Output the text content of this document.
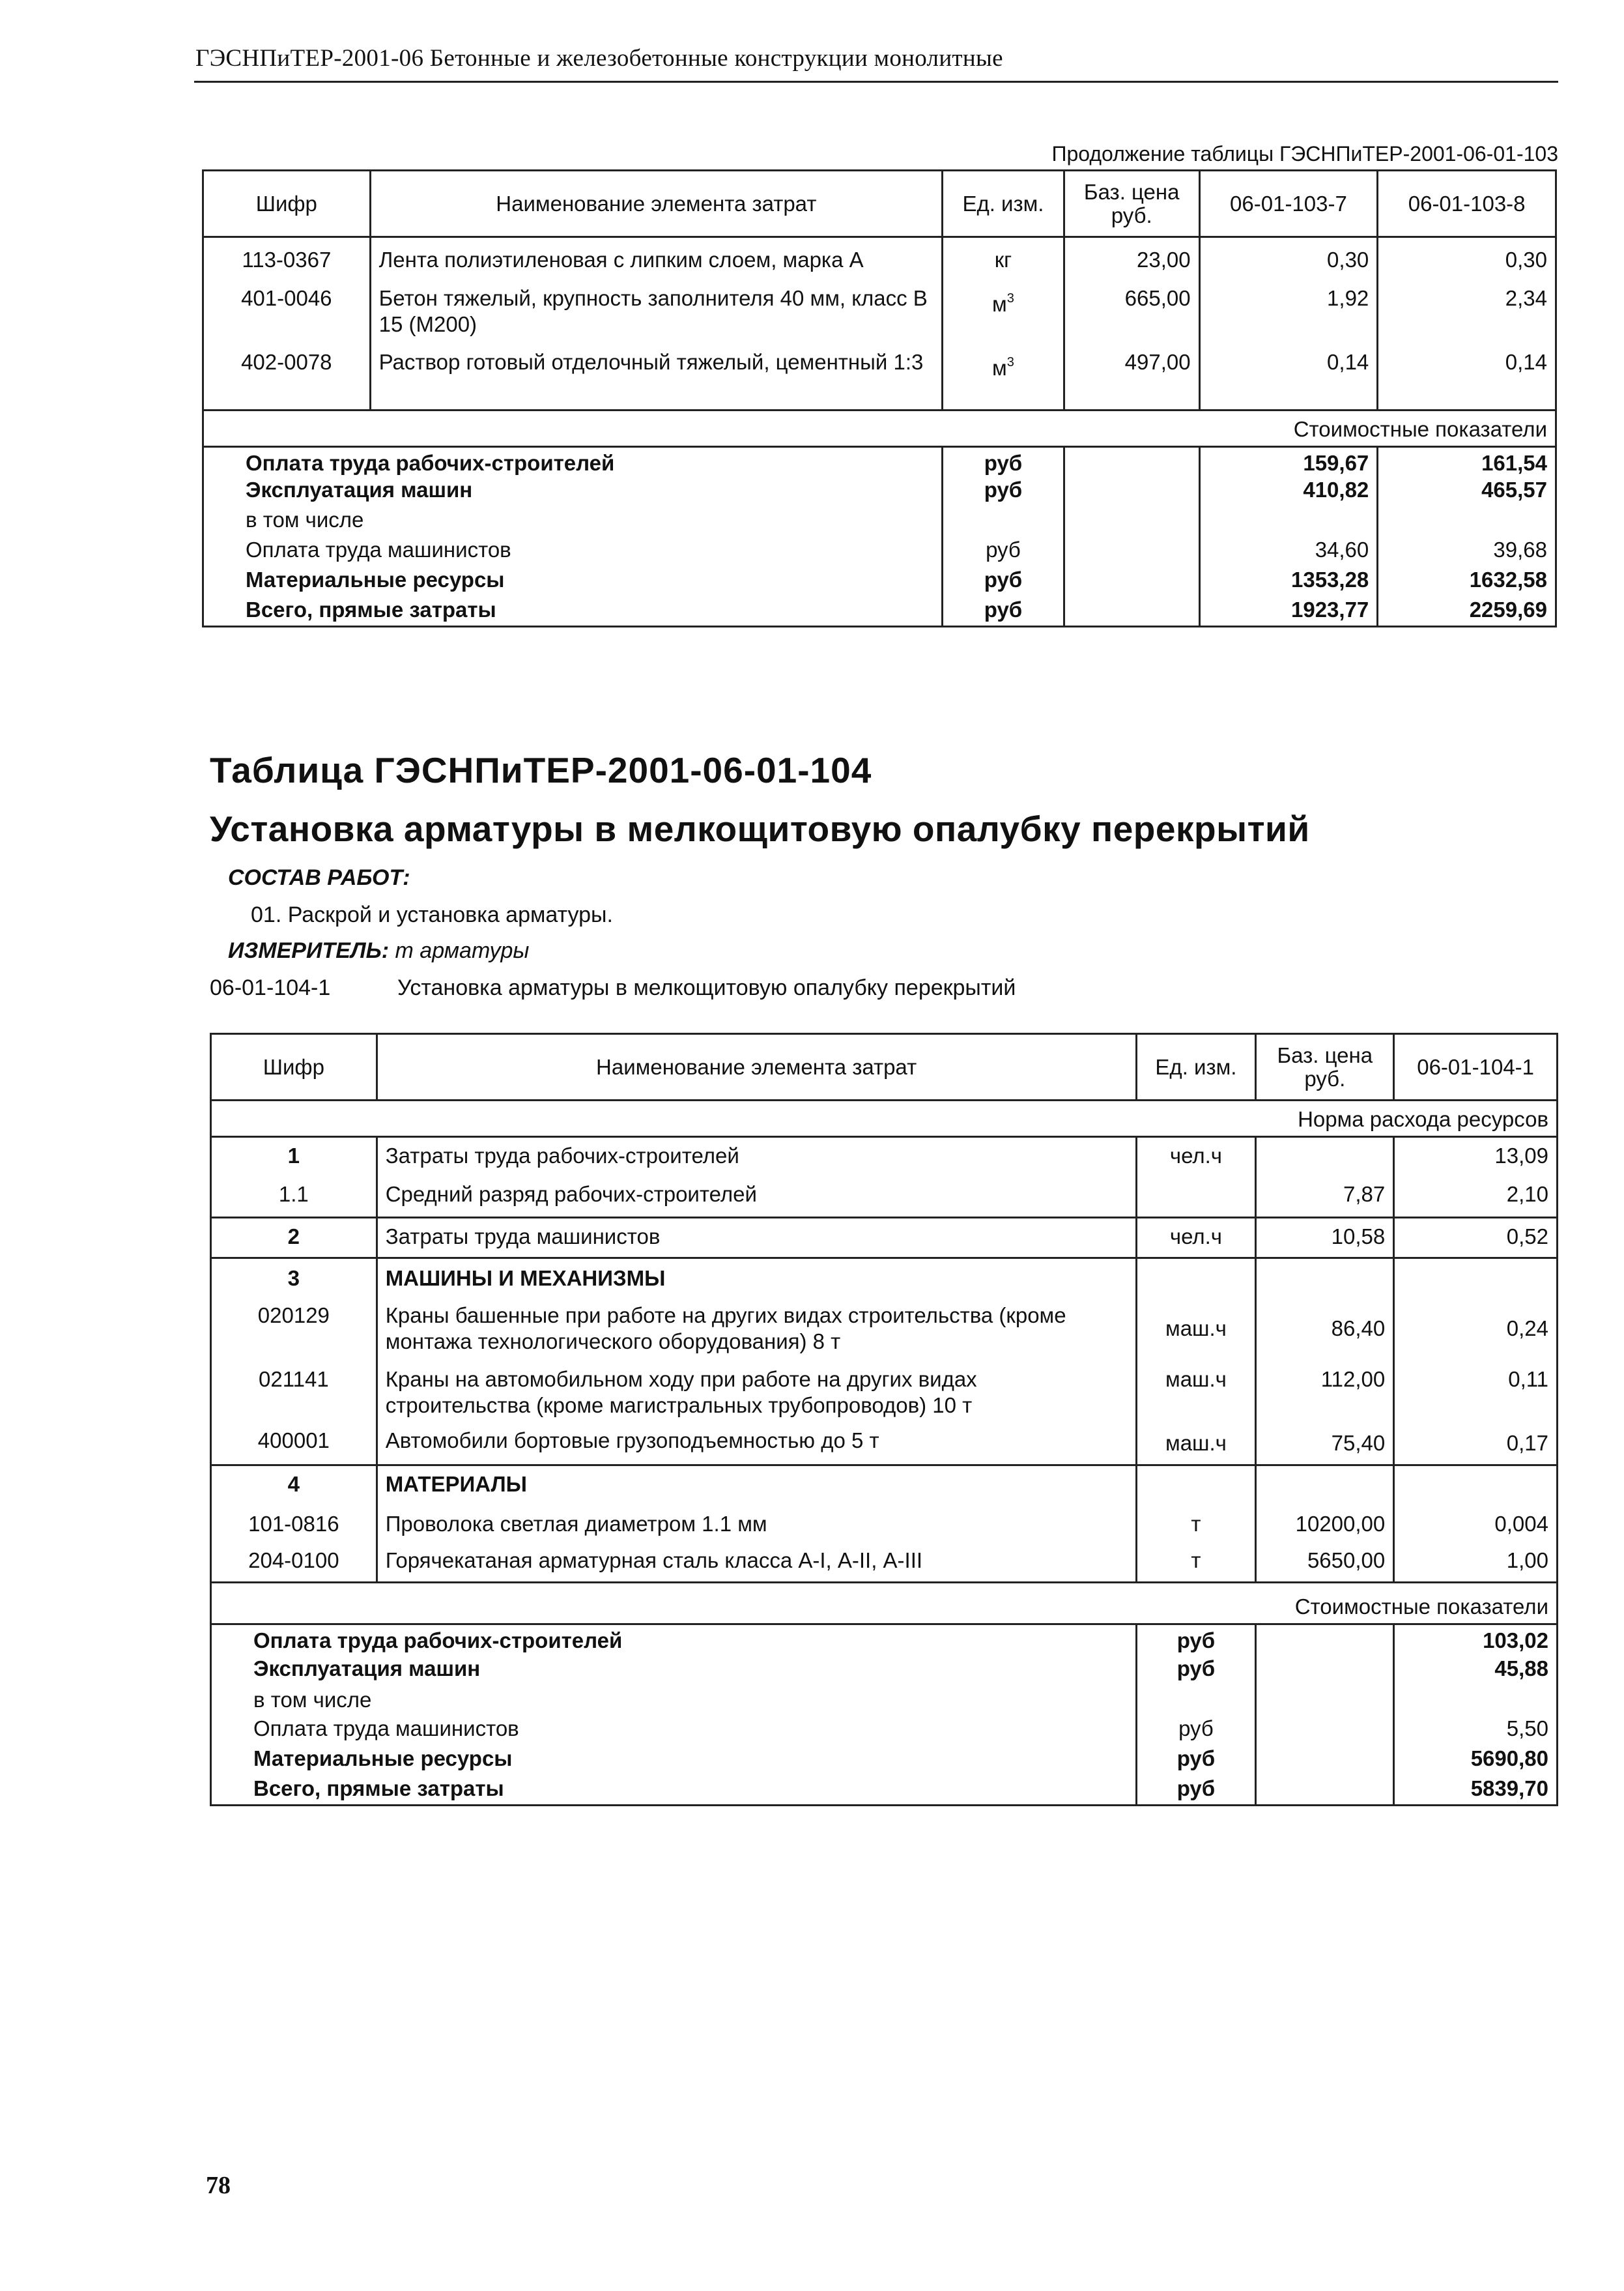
ГЭСНПиТЕР-2001-06 Бетонные и железобетонные конструкции монолитные
Продолжение таблицы ГЭСНПиТЕР-2001-06-01-103
Шифр	Наименование элемента затрат	Ед. изм.	Баз. цена руб.	06-01-103-7	06-01-103-8
113-0367	Лента полиэтиленовая с липким слоем, марка А	кг	23,00	0,30	0,30
401-0046	Бетон тяжелый, крупность заполнителя 40 мм, класс В 15 (М200)	$м^3$	665,00	1,92	2,34
402-0078	Раствор готовый отделочный тяжелый, цементный 1:3	$м^3$	497,00	0,14	0,14
Стоимостные показатели					
Оплата труда рабочих-строителей		руб		159,67	161,54
Эксплуатация машин		руб		410,82	465,57
в том числе					
Оплата труда машинистов		руб		34,60	39,68
Материальные ресурсы		руб		1353,28	1632,58
Всего, прямые затраты		руб		1923,77	2259,69
Таблица ГЭСНПиТЕР-2001-06-01-104
Установка арматуры в мелкощитовую опалубку перекрытий
СОСТАВ РАБОТ:
01. Раскрой и установка арматуры.
ИЗМЕРИТЕЛЬ: т арматуры
06-01-104-1	Установка арматуры в мелкощитовую опалубку перекрытий
Шифр	Наименование элемента затрат	Ед. изм.	Баз. цена руб.	06-01-104-1
Норма расхода ресурсов				
1	Затраты труда рабочих-строителей	чел.ч		13,09
1.1	Средний разряд рабочих-строителей		7,87	2,10
2	Затраты труда машинистов	чел.ч	10,58	0,52
3	МАШИНЫ И МЕХАНИЗМЫ			
020129	Краны башенные при работе на других видах строительства (кроме монтажа технологического оборудования) 8 т	маш.ч	86,40	0,24
021141	Краны на автомобильном ходу при работе на других видах строительства (кроме магистральных трубопроводов) 10 т	маш.ч	112,00	0,11
400001	Автомобили бортовые грузоподъемностью до 5 т	маш.ч	75,40	0,17
4	МАТЕРИАЛЫ			
101-0816	Проволока светлая диаметром 1.1 мм	т	10200,00	0,004
204-0100	Горячекатаная арматурная сталь класса А-I, А-II, А-III	т	5650,00	1,00
Стоимостные показатели				
Оплата труда рабочих-строителей		руб		103,02
Эксплуатация машин		руб		45,88
в том числе				
Оплата труда машинистов		руб		5,50
Материальные ресурсы		руб		5690,80
Всего, прямые затраты		руб		5839,70
78
